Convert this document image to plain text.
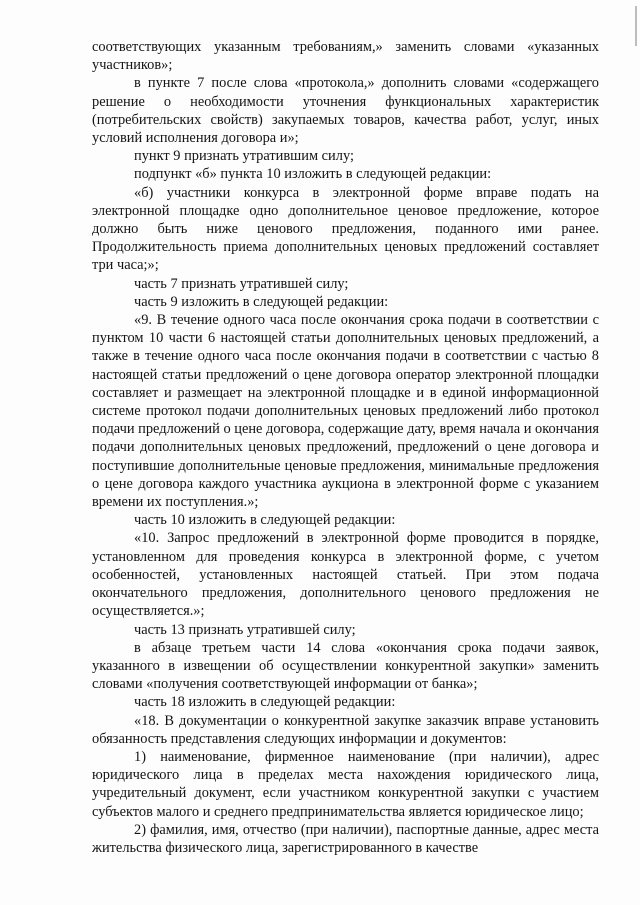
соответствующих указанным требованиям,» заменить словами «указанных участников»;

в пункте 7 после слова «протокола,» дополнить словами «содержащего решение о необходимости уточнения функциональных характеристик (потребительских свойств) закупаемых товаров, качества работ, услуг, иных условий исполнения договора и»;

пункт 9 признать утратившим силу;

подпункт «б» пункта 10 изложить в следующей редакции:

«б) участники конкурса в электронной форме вправе подать на электронной площадке одно дополнительное ценовое предложение, которое должно быть ниже ценового предложения, поданного ими ранее. Продолжительность приема дополнительных ценовых предложений составляет три часа;»;

часть 7 признать утратившей силу;

часть 9 изложить в следующей редакции:

«9. В течение одного часа после окончания срока подачи в соответствии с пунктом 10 части 6 настоящей статьи дополнительных ценовых предложений, а также в течение одного часа после окончания подачи в соответствии с частью 8 настоящей статьи предложений о цене договора оператор электронной площадки составляет и размещает на электронной площадке и в единой информационной системе протокол подачи дополнительных ценовых предложений либо протокол подачи предложений о цене договора, содержащие дату, время начала и окончания подачи дополнительных ценовых предложений, предложений о цене договора и поступившие дополнительные ценовые предложения, минимальные предложения о цене договора каждого участника аукциона в электронной форме с указанием времени их поступления.»;

часть 10 изложить в следующей редакции:

«10. Запрос предложений в электронной форме проводится в порядке, установленном для проведения конкурса в электронной форме, с учетом особенностей, установленных настоящей статьей. При этом подача окончательного предложения, дополнительного ценового предложения не осуществляется.»;

часть 13 признать утратившей силу;

в абзаце третьем части 14 слова «окончания срока подачи заявок, указанного в извещении об осуществлении конкурентной закупки» заменить словами «получения соответствующей информации от банка»;

часть 18 изложить в следующей редакции:

«18. В документации о конкурентной закупке заказчик вправе установить обязанность представления следующих информации и документов:

1) наименование, фирменное наименование (при наличии), адрес юридического лица в пределах места нахождения юридического лица, учредительный документ, если участником конкурентной закупки с участием субъектов малого и среднего предпринимательства является юридическое лицо;

2) фамилия, имя, отчество (при наличии), паспортные данные, адрес места жительства физического лица, зарегистрированного в качестве
